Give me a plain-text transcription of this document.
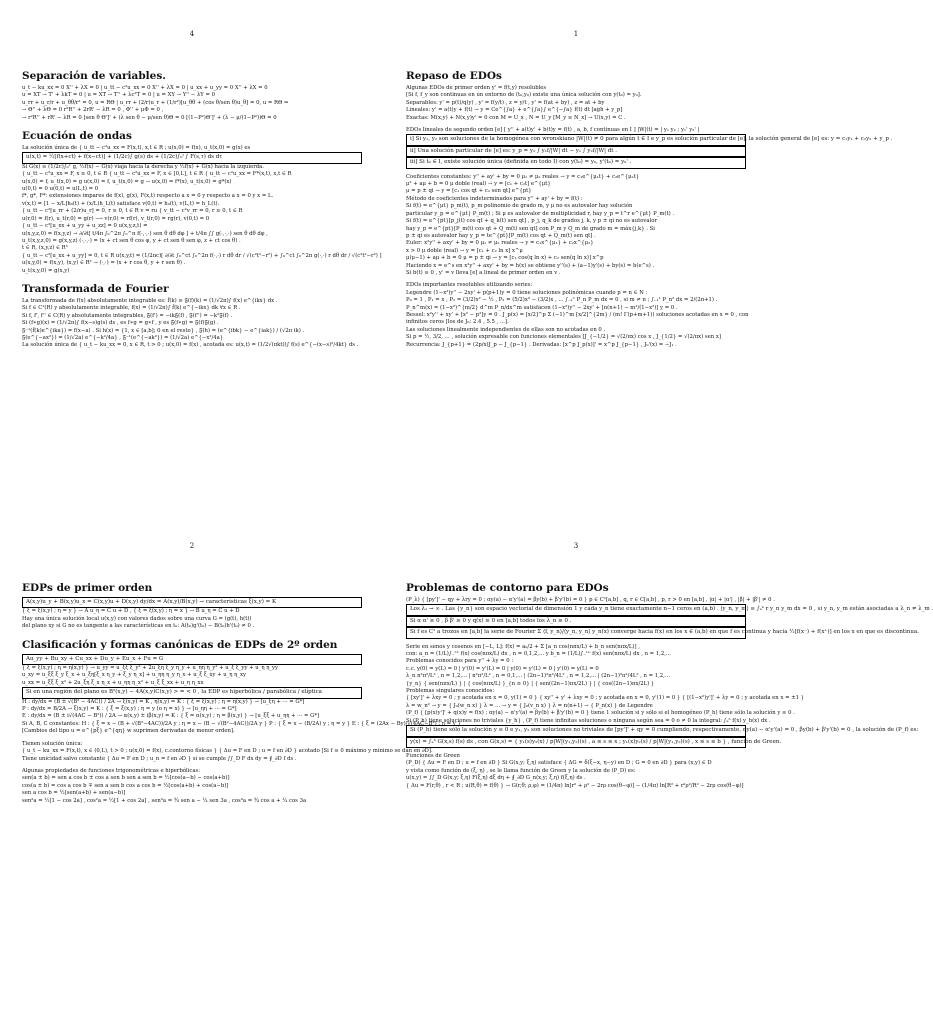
4
Separación de variables.
u_t − ku_xx = 0 X'' + λX = 0 | u_tt − c²u_xx = 0 X'' + λX = 0 | u_xx + u_yy = 0 X'' + λX = 0
u = XT → T' + λkT = 0 | u = XT → T'' + λc²T = 0 | u = XY → Y'' − λY = 0
u_rr + u_r/r + u_θθ/r² = 0, u = RΘ | u_rr + (2/r)u_r + (1/r²)[u_θθ + (cos θ/sen θ)u_θ] = 0, u = RΘ ⇒
→ Θ'' + λΘ = 0 r²R'' + 2rR' − λR = 0 , Φ'' + μΦ = 0 ,
→ r²R'' + rR' − λR = 0 [sen θ Θ']' + (λ sen θ − μ/sen θ)Θ = 0 [(1−P²)Θ']' + (λ − μ/(1−P²))Θ = 0
Ecuación de ondas
La solución única de { u_tt − c²u_xx = F(x,t), x,t ∈ R ; u(x,0) = f(x), u_t(x,0) = g(x) es
u(x,t) = ½[f(x+ct) + f(x−ct)] + (1/2c)∫ g(s) ds + (1/2c)∫₀ᵗ ∫ F(s,τ) ds dτ
Si G(x) ≡ (1/2c)∫₀ˣ g, ½f(x) − G(x) viaja hacia la derecha y ½f(x) + G(x) hacia la izquierda.
{ u_tt − c²u_xx = F, x ≥ 0, t ∈ R { u_tt − c²u_xx = F, x ∈ [0,L], t ∈ R { u_tt − c²u_xx = F*(x,t), x,t ∈ R
u(x,0) = f, u_t(x,0) = g u(x,0) = f, u_t(x,0) = g → u(x,0) = f*(x), u_t(x,0) = g*(x)
u(0,t) = 0 u(0,t) = u(L,t) = 0
f*, g*, F*: extensiones impares de f(x), g(x), F(x,t) respecto a x = 0 y respecto a x = 0 y x = L.
v(x,t) = [1 − x/L]h₀(t) + (x/L)h_L(t) satisface v(0,t) = h₀(t), v(L,t) = h_L(t).
{ u_tt − c²[u_rr + (2/r)u_r] = 0, r ≥ 0, t ∈ R v = ru { v_tt − c²v_rr = 0, r ≥ 0, t ∈ R
u(r,0) = f(r), u_t(r,0) = g(r) ⟶ v(r,0) = rf(r), v_t(r,0) = rg(r), v(0,t) = 0
{ u_tt − c²[u_xx + u_yy + u_zz] = 0 u(x,y,z,t) =
u(x,y,z,0) = f(x,y,z) → ∂/∂t[ t/4π ∫₀^2π ∫₀^π f(·,·,·) sen θ dθ dφ ] + t/4π ∫∫ g(·,·,·) sen θ dθ dφ ,
u_t(x,y,z,0) = g(x,y,z) (·,·,·) = (x + ct sen θ cos φ, y + ct sen θ sen φ, z + ct cos θ) .
t ∈ R, (x,y,z) ∈ R³
{ u_tt − c²[u_xx + u_yy] = 0, t ∈ R u(x,y,t) = (1/2πc)[ ∂/∂t ∫₀^ct ∫₀^2π f(·,·) r dθ dr / √(c²t²−r²) + ∫₀^ct ∫₀^2π g(·,·) r dθ dr / √(c²t²−r²) ]
u(x,y,0) = f(x,y), (x,y) ∈ R² → (·,·) = (x + r cos θ, y + r sen θ) .
u_t(x,y,0) = g(x,y)
Transformada de Fourier
La transformada de f(x) absolutamente integrable es: f̂(k) ≡ 𝔉(f)(k) = (1/√2π)∫ f(x) e^{ikx} dx .
Si f ∈ C¹(R) y absolutamente integrable, f(x) = (1/√2π)∫ f̂(k) e^{−ikx} dk ∀x ∈ R .
Si f, f', f'' ∈ C(R) y absolutamente integrables, 𝔉(f') = −ik𝔉(f) , 𝔉(f'') = −k²𝔉(f) .
Si (f∗g)(x) = (1/√2π)∫ f(x−s)g(s) ds , es f∗g = g∗f , y es 𝔉(f∗g) = 𝔉(f)𝔉(g) .
𝔉⁻¹(f̂(k)e^{ika}) = f(x−a) . Si h(x) = {1, x ∈ [a,b]; 0 en el resto} , 𝔉(h) = (e^{ibk} − e^{iak}) / (√2π ik) .
𝔉(e^{−ax²}) = (1/√2a) e^{−k²/4a} , 𝔉⁻¹(e^{−ak²}) = (1/√2a) e^{−x²/4a}
La solución única de { u_t − ku_xx = 0, x ∈ R, t > 0 ; u(x,0) = f(x) , acotada es: u(x,t) = (1/2√(πkt))∫ f(s) e^{−(x−s)²/4kt} ds .
1
Repaso de EDOs
Algunas EDOs de primer orden y' = f(t,y) resolubles
[Si f, f_y son continuas en un entorno de (t₀,y₀) existe una única solución con y(t₀) = y₀].
Separables: y' = p(t)/q(y) , y' = f(y/t) , z = y/t , y' = f(at + by) , z = at + by
Lineales: y' = a(t)y + f(t) → y = Ce^{∫a} + e^{∫a}∫ e^{−∫a} f(t) dt [agh + y_p]
Exactas: M(x,y) + N(x,y)y' = 0 con M = U_x , N = U_y [M_y ≡ N_x] → U(x,y) = C .
EDOs lineales de segundo orden [e] [ y'' + a(t)y' + b(t)y = f(t) , a, b, f continuas en I ] |W|(t) = | y₁ y₂ ; y₁' y₂' |
i] Si y₁, y₂ son soluciones de la homogénea con wronskiano |W|(t) ≠ 0 para algún t ∈ I e y_p es solución particular de [e], la solución general de [e] es: y = c₁y₁ + c₂y₂ + y_p .
ii] Una solución particular de [e] es: y_p = y₂ ∫ y₁f/|W| dt − y₁ ∫ y₂f/|W| dt .
iii] Si t₀ ∈ I, existe solución única (definida en todo I) con y(t₀) = y₀, y'(t₀) = y₀' .
Coeficientes constantes: y'' + ay' + by = 0 μ₁ ≠ μ₂ reales → y = c₁e^{μ₁t} + c₂e^{μ₂t}
μ² + aμ + b = 0 μ doble (real) → y = [c₁ + c₂t] e^{μt}
μ = p ± qi → y = [c₁ cos qt + c₂ sen qt] e^{pt}
Método de coeficientes indeterminados para y'' + ay' + by = f(t) :
Si f(t) = e^{μt} p_m(t), p_m polinomio de grado m, y μ no es autovalor hay solución
particular y_p = e^{μt} P_m(t) ; Si μ es autovalor de multiplicidad r, hay y_p = t^r e^{μt} P_m(t) .
Si f(t) = e^{pt}[p_j(t) cos qt + q_k(t) sen qt] , p_j, q_k de grados j, k, y p ± qi no es autovalor
hay y_p = e^{pt}[P_m(t) cos qt + Q_m(t) sen qt] con P_m y Q_m de grado m = máx{j,k} . Si
p ± qi es autovalor hay y_p = te^{pt}[P_m(t) cos qt + Q_m(t) sen qt] .
Euler: x²y'' + axy' + by = 0 μ₁ ≠ μ₂ reales → y = c₁x^{μ₁} + c₂x^{μ₂}
x > 0 μ doble (real) → y = [c₁ + c₂ ln x] x^μ
μ(μ−1) + aμ + b = 0 μ = p ± qi → y = [c₁ cos(q ln x) + c₂ sen(q ln x)] x^p
Haciendo x = e^s en x²y'' + axy' + by = h(x) se obtiene y''(s) + (a−1)y'(s) + by(s) = h(e^s) .
Si b(t) ≡ 0 , y' = v lleva [e] a lineal de primer orden en v .
EDOs importantes resolubles utilizando series:
Legendre (1−x²)y'' − 2xy' + p(p+1)y = 0 tiene soluciones polinómicas cuando p = n ∈ N :
P₀ = 1 , P₁ = x , P₂ = (3/2)x² − ½ , P₃ = (5/2)x³ − (3/2)x , ... ∫₋₁¹ P_n P_m dx = 0 , si m ≠ n ; ∫₋₁¹ P_n² dx = 2/(2n+1) .
P_n^m(x) = (1−x²)^{m/2} d^m P_n/dx^m satisfacen (1−x²)y'' − 2xy' + [n(n+1) − m²/(1−x²)] y = 0 .
Bessel: x²y'' + xy' + [x² − p²]y = 0 . J_p(x) = [x/2]^p Σ (−1)^m [x/2]^{2m} / (m! Γ(p+m+1)) soluciones acotadas en x = 0 , con
infinitos ceros [los de J₀: 2.4 , 5.5 , ...].
Las soluciones linealmente independientes de ellas son no acotadas en 0 .
Si p = ½, 3/2, ... , solución expresable con funciones elementales [J_{−1/2} = √(2/πx) cos x , J_{1/2} = √(2/πx) sen x]
Recurrencia: J_{p+1} = (2p/x)J_p − J_{p−1} . Derivadas: [x^p J_p(x)]' = x^p J_{p−1} , J₀'(x) = −J₁ .
2
EDPs de primer orden
A(x,y)u_y + B(x,y)u_x = C(x,y)u + D(x,y) dy/dx = A(x,y)/B(x,y) → características ξ(x,y) = K
{ ξ = ξ(x,y) ; η = y } → A u_η = C u + D , { ξ = ξ(x,y) ; η = x } → B u_η = C u + D
Hay una única solución local u(x,y) con valores dados sobre una curva G = (g(t), h(t))
del plano xy si G no es tangente a las características en t₀: A(t₀)g'(t₀) − B(t₀)h'(t₀) ≠ 0 .
Clasificación y formas canónicas de EDPs de 2º orden
Au_yy + Bu_xy + Cu_xx + Du_y + Eu_x + Fu = G
{ ξ = ξ(x,y) ; η = η(x,y) } → u_yy = u_ξξ ξ_y² + 2u_ξη ξ_y η_y + u_ηη η_y² + u_ξ ξ_yy + u_η η_yy
u_xy = u_ξξ ξ_y ξ_x + u_ξη[ξ_x η_y + ξ_y η_x] + u_ηη η_y η_x + u_ξ ξ_xy + u_η η_xy
u_xx = u_ξξ ξ_x² + 2u_ξη ξ_x η_x + u_ηη η_x² + u_ξ ξ_xx + u_η η_xx
Si en una región del plano es B²(x,y) − 4A(x,y)C(x,y) > = < 0 , la EDP es hiperbólica / parabólica / elíptica
H : dy/dx = (B ± √(B² − 4AC)) / 2A → ξ(x,y) = K , η(x,y) = K : { ξ = ξ(x,y) ; η = η(x,y) } → [u_ξη + ··· = G*]
P : dy/dx = B/2A → ξ(x,y) = K : { ξ = ξ(x,y) ; η = y (o η = x) } → [u_ηη + ··· = G*]
E : dy/dx = (B ± i√(4AC − B²)) / 2A → α(x,y) ± iβ(x,y) = K : { ξ = α(x,y) ; η = β(x,y) } → [u_ξξ + u_ηη + ··· = G*]
Si A, B, C constantes: H : { ξ = x − (B + √(B²−4AC))/2A y ; η = x − (B − √(B²−4AC))/2A y } P : { ξ = x − (B/2A) y ; η = y } E : { ξ = (2Ax − By)/√(4AC−B²) ; η = y }
[Cambios del tipo u = e^{pξ} e^{qη} w suprimen derivadas de menor orden].
Tienen solución única:
{ u_t − ku_xx = F(x,t), x ∈ (0,L), t > 0 ; u(x,0) = f(x), c.contorno físicas } { Δu = F en D ; u = f en ∂D } acotado [Si f ≡ 0 máximo y mínimo se dan en ∂D].
Tiene unicidad salvo constante { Δu = F en D ; u_n = f en ∂D } si se cumple ∫∫_D F dx dy = ∮_∂D f ds .
Algunas propiedades de funciones trigonométricas e hiperbólicas:
sen(a ± b) = sen a cos b ± cos a sen b sen a sen b = ½[cos(a−b) − cos(a+b)]
cos(a ± b) = cos a cos b ∓ sen a sen b cos a cos b = ½[cos(a+b) + cos(a−b)]
sen a cos b = ½[sen(a+b) + sen(a−b)]
sen²a = ½[1 − cos 2a] , cos²a = ½[1 + cos 2a] , sen³a = ¾ sen a − ¼ sen 3a , cos³a = ¾ cos a + ¼ cos 3a
3
Problemas de contorno para EDOs
(P_λ) { [py']' − qy + λry = 0 ; αy(a) − α'y'(a) = βy(b) + β'y'(b) = 0 } p ∈ C¹[a,b] , q, r ∈ C[a,b] , p, r > 0 en [a,b] , |α| + |α'| , |β| + |β'| ≠ 0 .
Los λ₁ → ∞ . Las {y_n} son espacio vectorial de dimensión 1 y cada y_n tiene exactamente n−1 ceros en (a,b) . ⟨y_n, y_m⟩ ≡ ∫ₐᵇ r y_n y_m dx = 0 , si y_n, y_m están asociadas a λ_n ≠ λ_m .
Si α α' ≥ 0 , β β' ≥ 0 y q(x) ≥ 0 en [a,b] todos los λ_n ≥ 0 .
Si f es C¹ a trozos en [a,b] la serie de Fourier Σ ⟨f, y_n⟩/⟨y_n, y_n⟩ y_n(x) converge hacia f(x) en los x ∈ (a,b) en que f es continua y hacia ½[f(x⁻) + f(x⁺)] en los x en que es discontinua.
Serie en senos y cosenos en [−L, L]: f(x) = a₀/2 + Σ [a_n cos(nπx/L) + b_n sen(nπx/L)] ,
con: a_n = (1/L)∫₋ᴸᴸ f(x) cos(nπx/L) dx , n = 0,1,2,... y b_n = (1/L)∫₋ᴸᴸ f(x) sen(nπx/L) dx , n = 1,2,...
Problemas conocidos para y'' + λy = 0 :
c.c. y(0) = y(L) = 0 | y'(0) = y'(L) = 0 | y(0) = y'(L) = 0 | y'(0) = y(L) = 0
λ_n n²π²/L² , n = 1,2,... | n²π²/L² , n = 0,1,... | (2n−1)²π²/4L² , n = 1,2,... | (2n−1)²π²/4L² , n = 1,2,...
{y_n} { sen(nπx/L) } | { cos(nπx/L) }_{n ≥ 0} | { sen((2n−1)πx/2L) } | { cos((2n−1)πx/2L) }
Problemas singulares conocidos:
{ [xy']' + λxy = 0 ; y acotada en x = 0, y(1) = 0 } { xy'' + y' + λxy = 0 ; y acotada en x = 0, y'(1) = 0 } { [(1−x²)y']' + λy = 0 ; y acotada en x = ±1 }
λ = w_n² → y = { J₀(w_n x) } λ = ... → y = { J₀(v_n x) } λ = n(n+1) → { P_n(x) } de Legendre
(P_f) { [p(x)y']' + q(x)y = f(x) ; αy(a) − α'y'(a) = βy(b) + β'y'(b) = 0 } tiene 1 solución si y sólo si el homogéneo (P_h) tiene sólo la solución y ≡ 0 .
Si (P_h) tiene soluciones no triviales {y_h} , (P_f) tiene infinitas soluciones o ninguna según sea = 0 o ≠ 0 la integral: ∫ₐᵇ f(x) y_h(x) dx .
Si (P_h) tiene sólo la solución y ≡ 0 e y₁, y₂ son soluciones no triviales de [py']' + qy = 0 cumpliendo, respectivamente, αy(a) − α'y'(a) = 0 , βy(b) + β'y'(b) = 0 , la solución de (P_f) es:
y(x) = ∫ₐᵇ G(x,s) f(s) ds , con G(x,s) = { y₁(s)y₂(x) / p|W|(y₁,y₂)(s) , a ≤ s ≤ x ; y₁(x)y₂(s) / p|W|(y₁,y₂)(s) , x ≤ s ≤ b } , función de Green.
Funciones de Green
(P_D) { Δu = F en D ; u = f en ∂D } Si G(x,y; ξ,η) satisface { ΔG = δ(ξ−x, η−y) en D ; G = 0 en ∂D } para (x,y) ∈ D
y vista como función de (ξ, η) , se le llama función de Green y la solución de (P_D) es:
u(x,y) = ∫∫_D G(x,y; ξ,η) F(ξ,η) dξ dη + ∮_∂D G_n(x,y; ξ,η) f(ξ,η) ds .
{ Δu = F(r,θ) , r < R ; u(R,θ) = f(θ) } → G(r,θ; ρ,φ) = (1/4π) ln[r² + ρ² − 2rρ cos(θ−φ)] − (1/4π) ln[R² + r²ρ²/R² − 2rρ cos(θ−φ)]
